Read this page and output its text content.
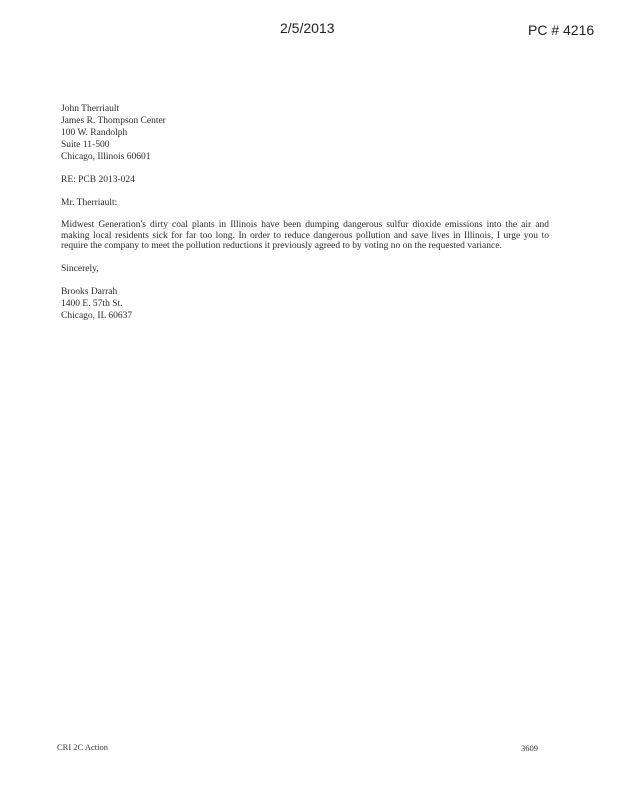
2/5/2013	PC # 4216
John Therriault
James R. Thompson Center
100 W. Randolph
Suite 11-500
Chicago, Illinois 60601
RE: PCB 2013-024
Mr. Therriault:
Midwest Generation's dirty coal plants in Illinois have been dumping dangerous sulfur dioxide emissions into the air and making local residents sick for far too long. In order to reduce dangerous pollution and save lives in Illinois, I urge you to require the company to meet the pollution reductions it previously agreed to by voting no on the requested variance.
Sincerely,
Brooks Darrah
1400 E. 57th St.
Chicago, IL 60637
CRI 2C Action	3609
